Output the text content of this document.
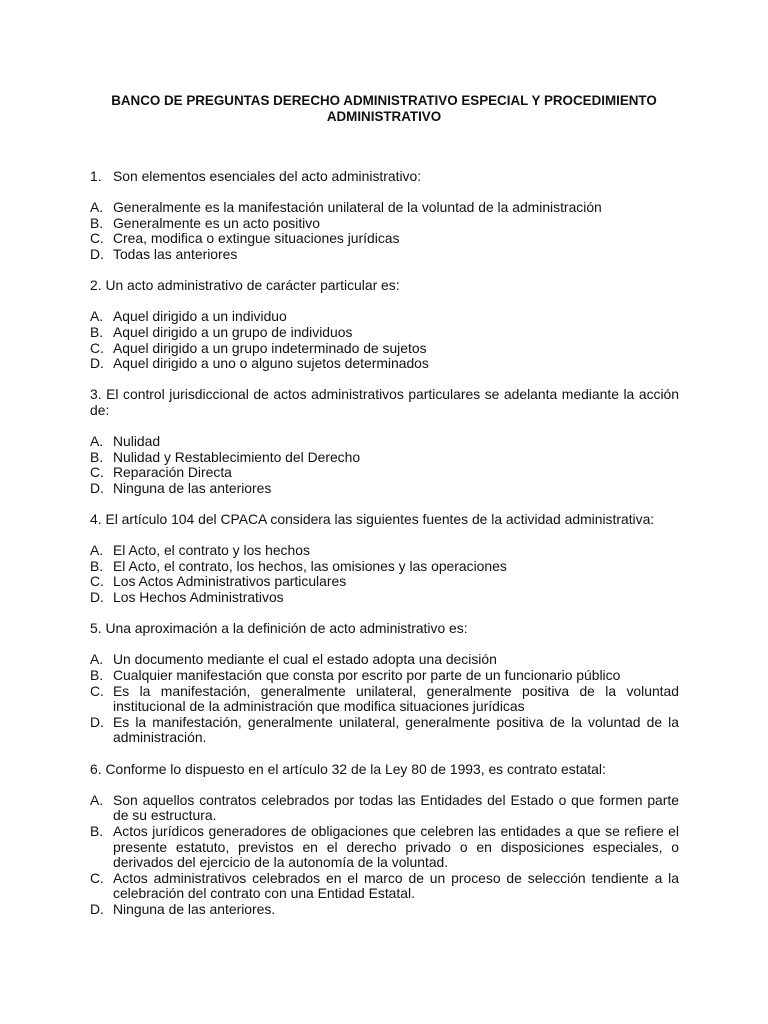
BANCO DE PREGUNTAS DERECHO ADMINISTRATIVO ESPECIAL Y PROCEDIMIENTO ADMINISTRATIVO
1. Son elementos esenciales del acto administrativo:
A. Generalmente es la manifestación unilateral de la voluntad de la administración
B. Generalmente es un acto positivo
C. Crea, modifica o extingue situaciones jurídicas
D. Todas las anteriores
2. Un acto administrativo de carácter particular es:
A. Aquel dirigido a un individuo
B. Aquel dirigido a un grupo de individuos
C. Aquel dirigido a un grupo indeterminado de sujetos
D. Aquel dirigido a uno o alguno sujetos determinados
3. El control jurisdiccional de actos administrativos particulares se adelanta mediante la acción de:
A. Nulidad
B. Nulidad y Restablecimiento del Derecho
C. Reparación Directa
D. Ninguna de las anteriores
4. El artículo 104 del CPACA considera las siguientes fuentes de la actividad administrativa:
A. El Acto, el contrato y los hechos
B. El Acto, el contrato, los hechos, las omisiones y las operaciones
C. Los Actos Administrativos particulares
D. Los Hechos Administrativos
5. Una aproximación a la definición de acto administrativo es:
A. Un documento mediante el cual el estado adopta una decisión
B. Cualquier manifestación que consta por escrito por parte de un funcionario público
C. Es la manifestación, generalmente unilateral, generalmente positiva de la voluntad institucional de la administración que modifica situaciones jurídicas
D. Es la manifestación, generalmente unilateral, generalmente positiva de la voluntad de la administración.
6. Conforme lo dispuesto en el artículo 32 de la Ley 80 de 1993, es contrato estatal:
A. Son aquellos contratos celebrados por todas las Entidades del Estado o que formen parte de su estructura.
B. Actos jurídicos generadores de obligaciones que celebren las entidades a que se refiere el presente estatuto, previstos en el derecho privado o en disposiciones especiales, o derivados del ejercicio de la autonomía de la voluntad.
C. Actos administrativos celebrados en el marco de un proceso de selección tendiente a la celebración del contrato con una Entidad Estatal.
D. Ninguna de las anteriores.
